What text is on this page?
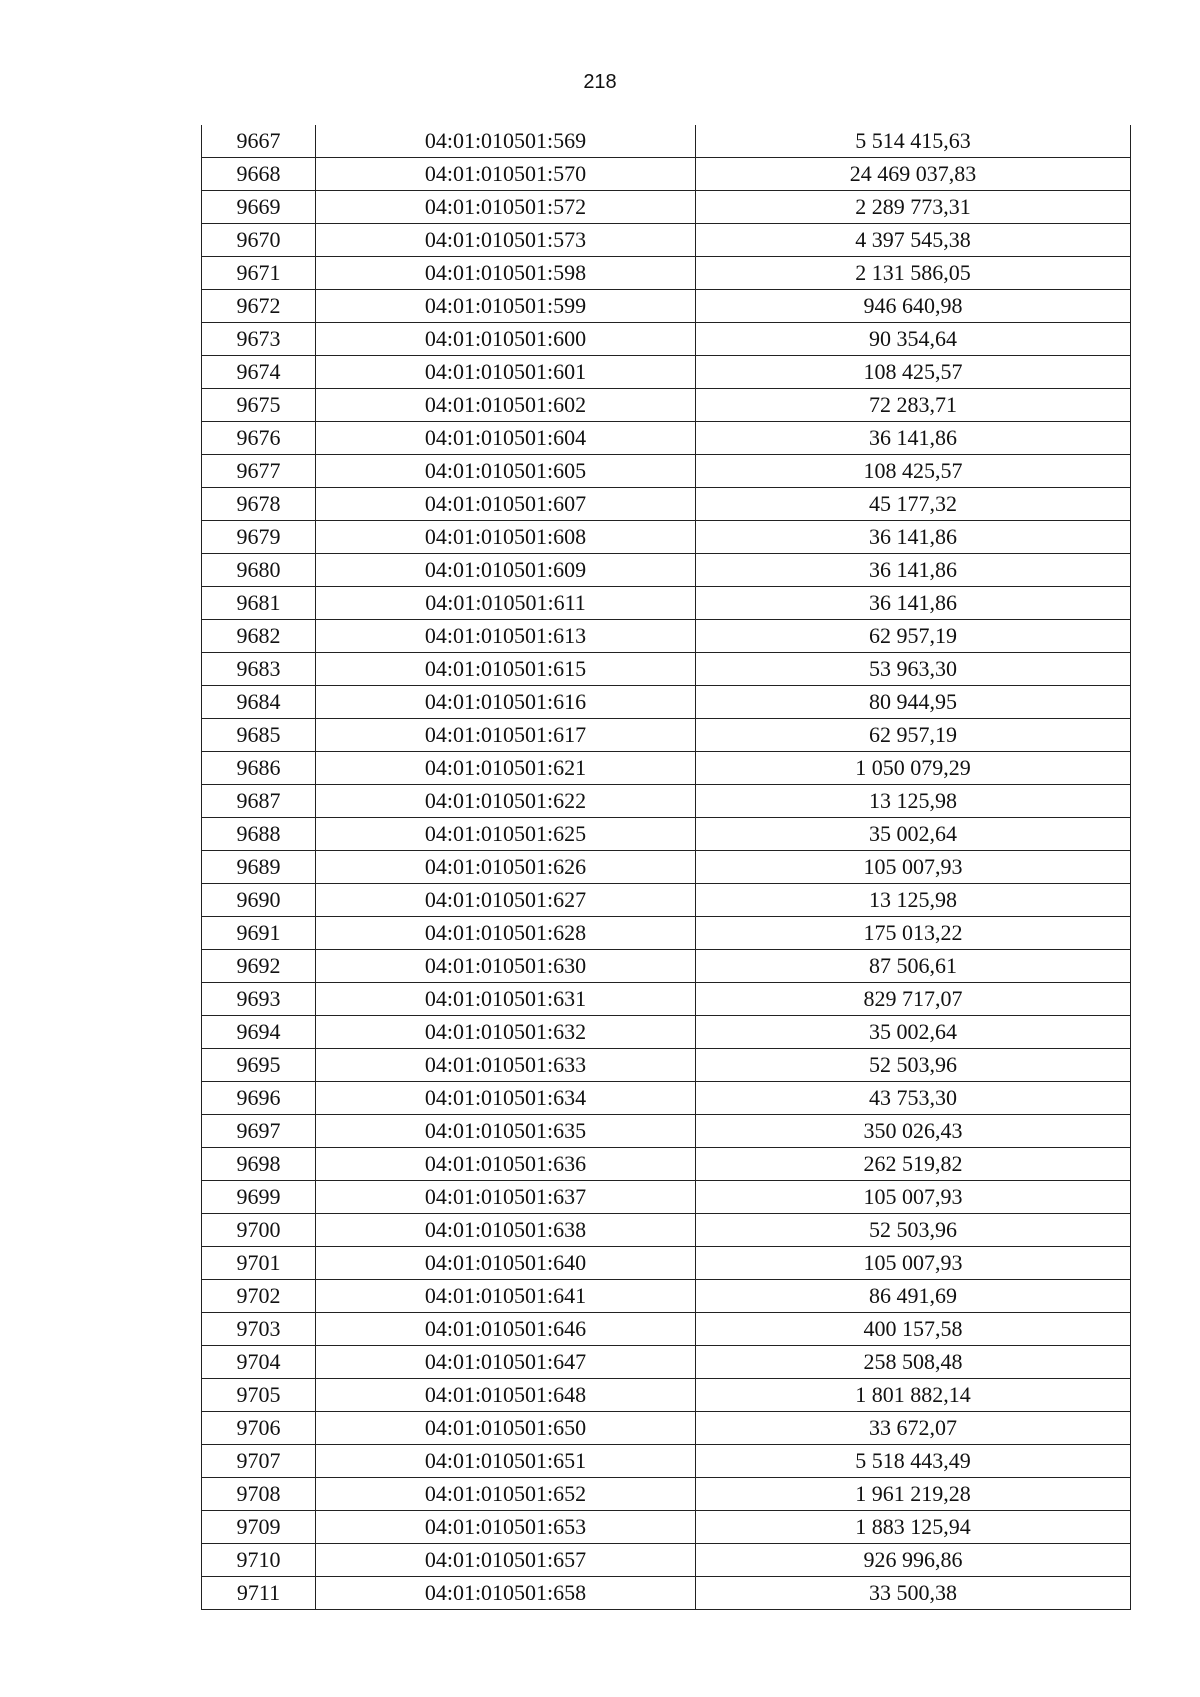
218
9667	04:01:010501:569	5 514 415,63
9668	04:01:010501:570	24 469 037,83
9669	04:01:010501:572	2 289 773,31
9670	04:01:010501:573	4 397 545,38
9671	04:01:010501:598	2 131 586,05
9672	04:01:010501:599	946 640,98
9673	04:01:010501:600	90 354,64
9674	04:01:010501:601	108 425,57
9675	04:01:010501:602	72 283,71
9676	04:01:010501:604	36 141,86
9677	04:01:010501:605	108 425,57
9678	04:01:010501:607	45 177,32
9679	04:01:010501:608	36 141,86
9680	04:01:010501:609	36 141,86
9681	04:01:010501:611	36 141,86
9682	04:01:010501:613	62 957,19
9683	04:01:010501:615	53 963,30
9684	04:01:010501:616	80 944,95
9685	04:01:010501:617	62 957,19
9686	04:01:010501:621	1 050 079,29
9687	04:01:010501:622	13 125,98
9688	04:01:010501:625	35 002,64
9689	04:01:010501:626	105 007,93
9690	04:01:010501:627	13 125,98
9691	04:01:010501:628	175 013,22
9692	04:01:010501:630	87 506,61
9693	04:01:010501:631	829 717,07
9694	04:01:010501:632	35 002,64
9695	04:01:010501:633	52 503,96
9696	04:01:010501:634	43 753,30
9697	04:01:010501:635	350 026,43
9698	04:01:010501:636	262 519,82
9699	04:01:010501:637	105 007,93
9700	04:01:010501:638	52 503,96
9701	04:01:010501:640	105 007,93
9702	04:01:010501:641	86 491,69
9703	04:01:010501:646	400 157,58
9704	04:01:010501:647	258 508,48
9705	04:01:010501:648	1 801 882,14
9706	04:01:010501:650	33 672,07
9707	04:01:010501:651	5 518 443,49
9708	04:01:010501:652	1 961 219,28
9709	04:01:010501:653	1 883 125,94
9710	04:01:010501:657	926 996,86
9711	04:01:010501:658	33 500,38
